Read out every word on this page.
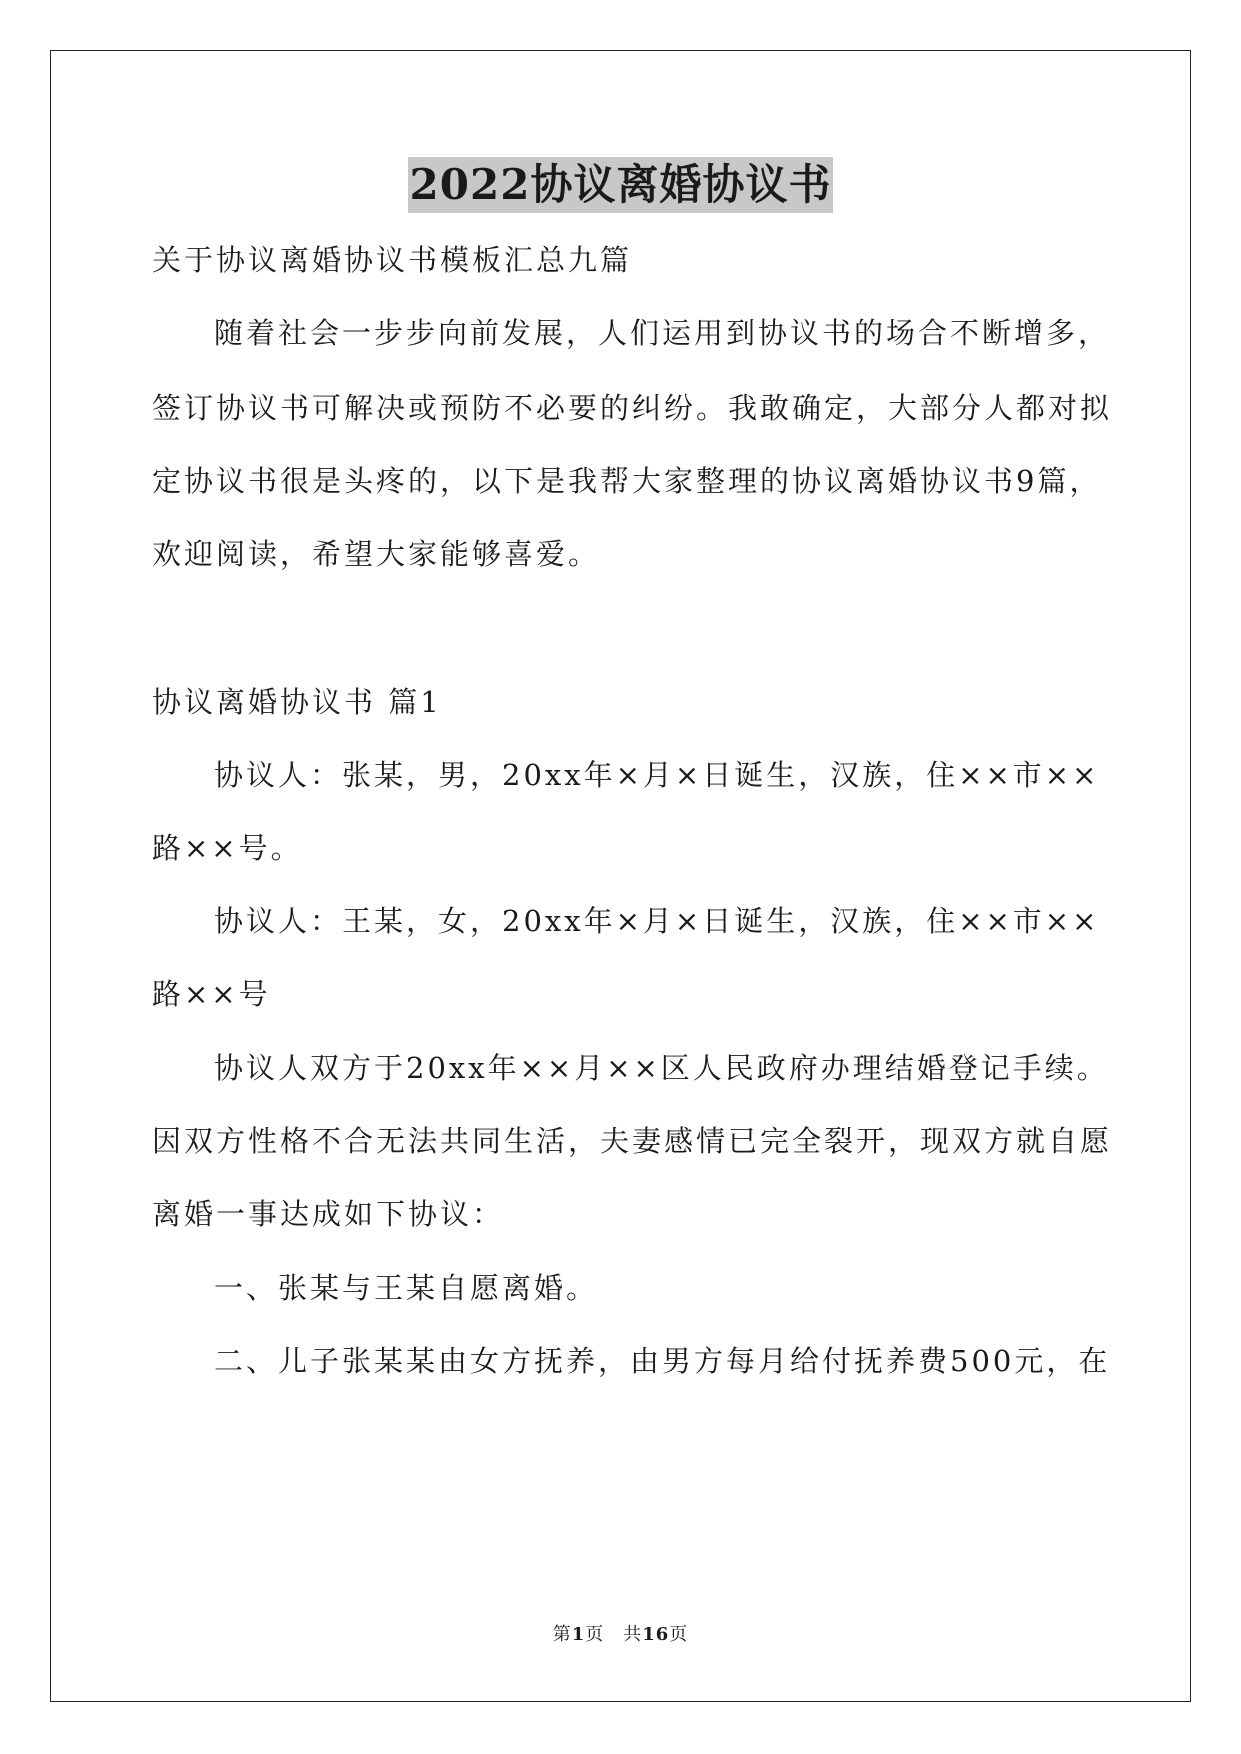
2022协议离婚协议书
关于协议离婚协议书模板汇总九篇
随着社会一步步向前发展，人们运用到协议书的场合不断增多，
签订协议书可解决或预防不必要的纠纷。我敢确定，大部分人都对拟
定协议书很是头疼的，以下是我帮大家整理的协议离婚协议书9篇，
欢迎阅读，希望大家能够喜爱。
协议离婚协议书 篇1
协议人：张某，男，20xx年×月×日诞生，汉族，住××市××
路××号。
协议人：王某，女，20xx年×月×日诞生，汉族，住××市××
路××号
协议人双方于20xx年××月××区人民政府办理结婚登记手续。
因双方性格不合无法共同生活，夫妻感情已完全裂开，现双方就自愿
离婚一事达成如下协议：
一、张某与王某自愿离婚。
二、儿子张某某由女方抚养，由男方每月给付抚养费500元，在
第1页　共16页
